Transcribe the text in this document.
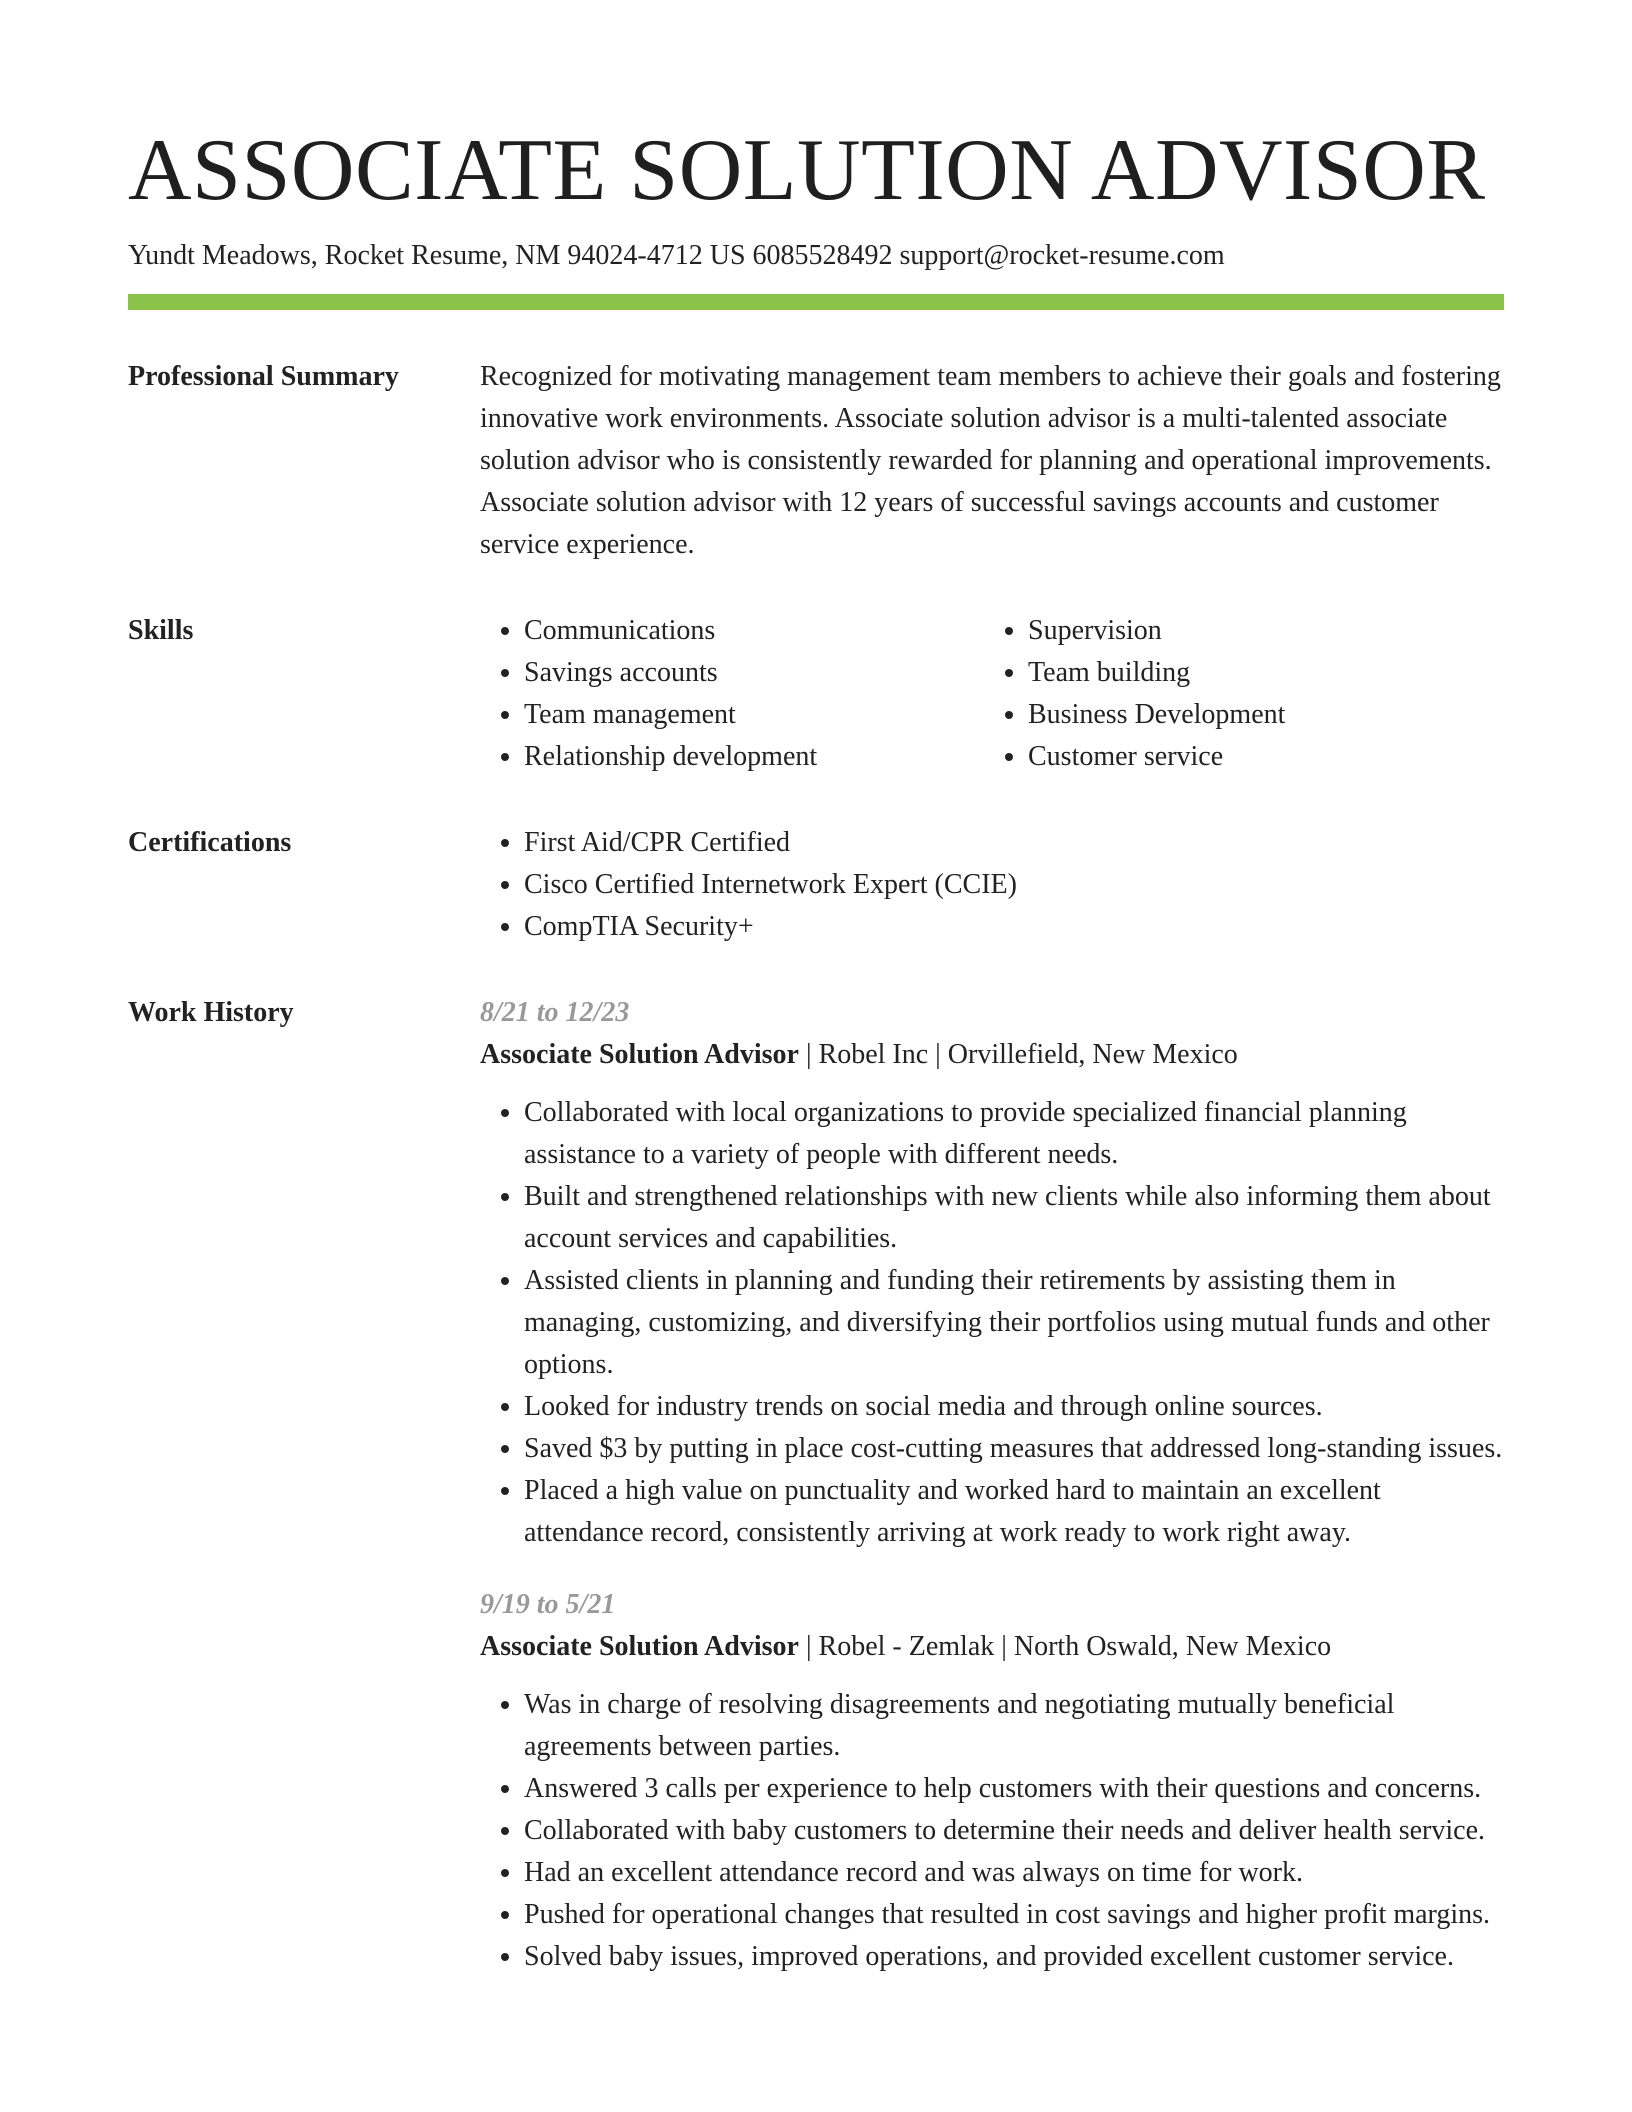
ASSOCIATE SOLUTION ADVISOR
Yundt Meadows, Rocket Resume, NM 94024-4712 US 6085528492 support@rocket-resume.com
Professional Summary	Recognized for motivating management team members to achieve their goals and fostering innovative work environments. Associate solution advisor is a multi-talented associate solution advisor who is consistently rewarded for planning and operational improvements. Associate solution advisor with 12 years of successful savings accounts and customer service experience.

Skills	• Communications
• Savings accounts
• Team management
• Relationship development
• Supervision
• Team building
• Business Development
• Customer service
Certifications	• First Aid/CPR Certified
• Cisco Certified Internetwork Expert (CCIE)
• CompTIA Security+
Work History	8/21 to 12/23
Associate Solution Advisor | Robel Inc | Orvillefield, New Mexico
• Collaborated with local organizations to provide specialized financial planning assistance to a variety of people with different needs.
• Built and strengthened relationships with new clients while also informing them about account services and capabilities.
• Assisted clients in planning and funding their retirements by assisting them in managing, customizing, and diversifying their portfolios using mutual funds and other options.
• Looked for industry trends on social media and through online sources.
• Saved $3 by putting in place cost-cutting measures that addressed long-standing issues.
• Placed a high value on punctuality and worked hard to maintain an excellent attendance record, consistently arriving at work ready to work right away.
9/19 to 5/21
Associate Solution Advisor | Robel - Zemlak | North Oswald, New Mexico
• Was in charge of resolving disagreements and negotiating mutually beneficial agreements between parties.
• Answered 3 calls per experience to help customers with their questions and concerns.
• Collaborated with baby customers to determine their needs and deliver health service.
• Had an excellent attendance record and was always on time for work.
• Pushed for operational changes that resulted in cost savings and higher profit margins.
• Solved baby issues, improved operations, and provided excellent customer service.
